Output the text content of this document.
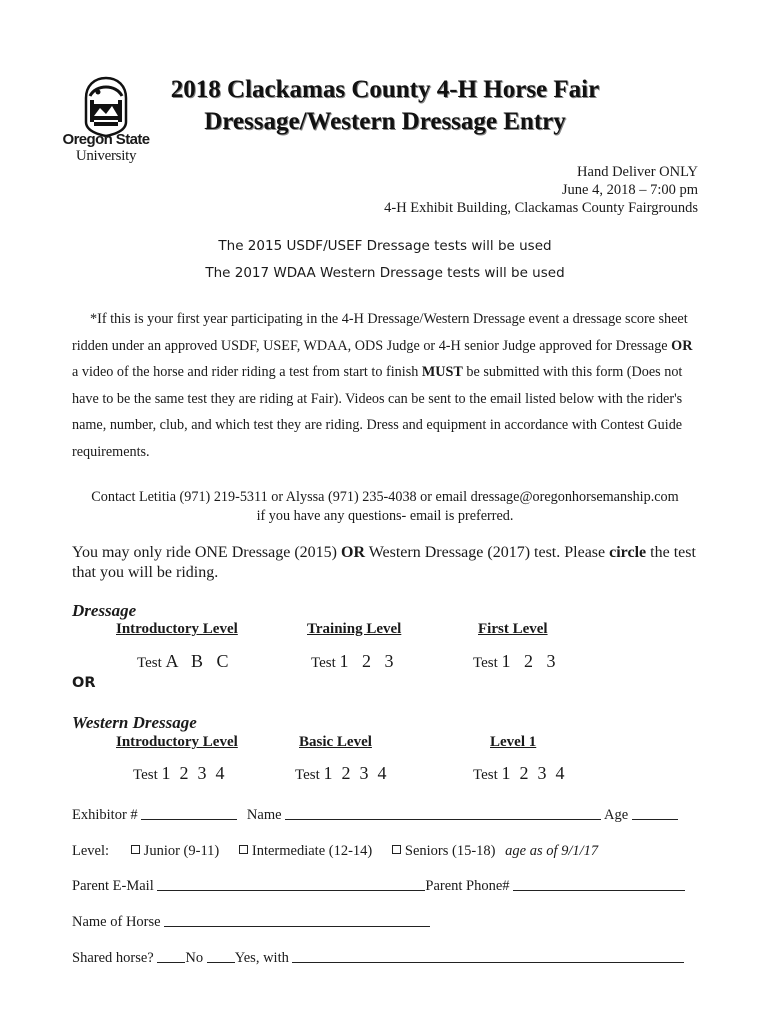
Oregon State
University
2018 Clackamas County 4-H Horse Fair
Dressage/Western Dressage Entry
Hand Deliver ONLY
June 4, 2018 – 7:00 pm
4-H Exhibit Building, Clackamas County Fairgrounds
The 2015 USDF/USEF Dressage tests will be used
The 2017 WDAA Western Dressage tests will be used
*If this is your first year participating in the 4-H Dressage/Western Dressage event a dressage score sheet ridden under an approved USDF, USEF, WDAA, ODS Judge or 4-H senior Judge approved for Dressage OR a video of the horse and rider riding a test from start to finish MUST be submitted with this form (Does not have to be the same test they are riding at Fair). Videos can be sent to the email listed below with the rider's name, number, club, and which test they are riding. Dress and equipment in accordance with Contest Guide requirements.
Contact Letitia (971) 219-5311 or Alyssa (971) 235-4038 or email dressage@oregonhorsemanship.com
if you have any questions- email is preferred.
You may only ride ONE Dressage (2015) OR Western Dressage (2017) test. Please circle the test that you will be riding.
Dressage
Introductory Level	Training Level	First Level
Test A   B   C	Test 1   2   3	Test 1   2   3
OR
Western Dressage
Introductory Level	Basic Level	Level 1
Test 1  2  3  4	Test 1  2  3  4	Test 1  2  3  4
Exhibitor #	Name	Age
Level: Junior (9-11) Intermediate (12-14) Seniors (15-18) age as of 9/1/17
Parent E-Mail	Parent Phone#
Name of Horse
Shared horse? No Yes, with
